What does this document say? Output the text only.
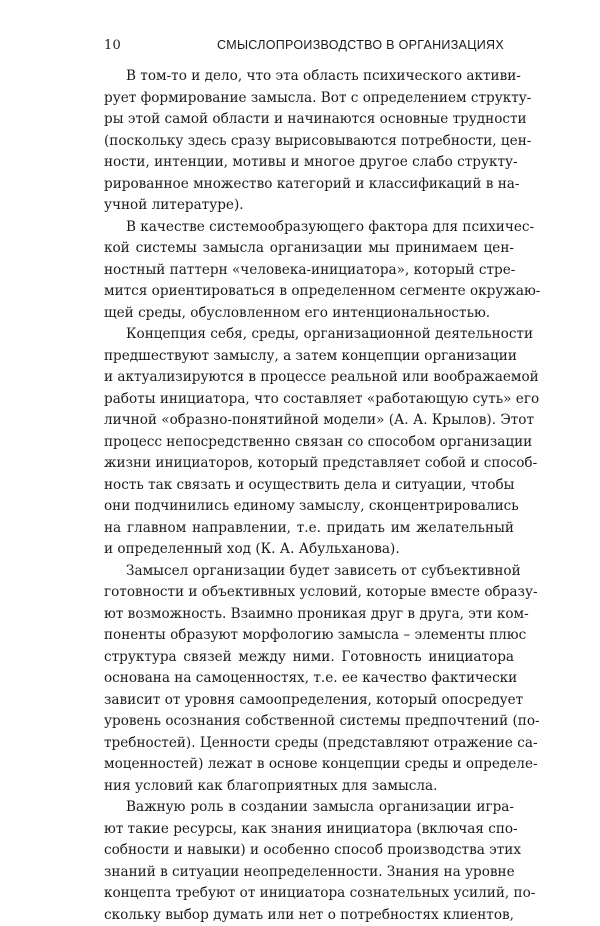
10	СМЫСЛОПРОИЗВОДСТВО В ОРГАНИЗАЦИЯХ
В том-то и дело, что эта область психического активи-
рует формирование замысла. Вот с определением структу-
ры этой самой области и начинаются основные трудности
(поскольку здесь сразу вырисовываются потребности, цен-
ности, интенции, мотивы и многое другое слабо структу-
рированное множество категорий и классификаций в на-
учной литературе).
В качестве системообразующего фактора для психичес-
кой системы замысла организации мы принимаем цен-
ностный паттерн «человека-инициатора», который стре-
мится ориентироваться в определенном сегменте окружаю-
щей среды, обусловленном его интенциональностью.
Концепция себя, среды, организационной деятельности
предшествуют замыслу, а затем концепции организации
и актуализируются в процессе реальной или воображаемой
работы инициатора, что составляет «работающую суть» его
личной «образно-понятийной модели» (А. А. Крылов). Этот
процесс непосредственно связан со способом организации
жизни инициаторов, который представляет собой и способ-
ность так связать и осуществить дела и ситуации, чтобы
они подчинились единому замыслу, сконцентрировались
на главном направлении, т.е. придать им желательный
и определенный ход (К. А. Абульханова).
Замысел организации будет зависеть от субъективной
готовности и объективных условий, которые вместе образу-
ют возможность. Взаимно проникая друг в друга, эти ком-
поненты образуют морфологию замысла – элементы плюс
структура связей между ними. Готовность инициатора
основана на самоценностях, т.е. ее качество фактически
зависит от уровня самоопределения, который опосредует
уровень осознания собственной системы предпочтений (по-
требностей). Ценности среды (представляют отражение са-
моценностей) лежат в основе концепции среды и определе-
ния условий как благоприятных для замысла.
Важную роль в создании замысла организации игра-
ют такие ресурсы, как знания инициатора (включая спо-
собности и навыки) и особенно способ производства этих
знаний в ситуации неопределенности. Знания на уровне
концепта требуют от инициатора сознательных усилий, по-
скольку выбор думать или нет о потребностях клиентов,
